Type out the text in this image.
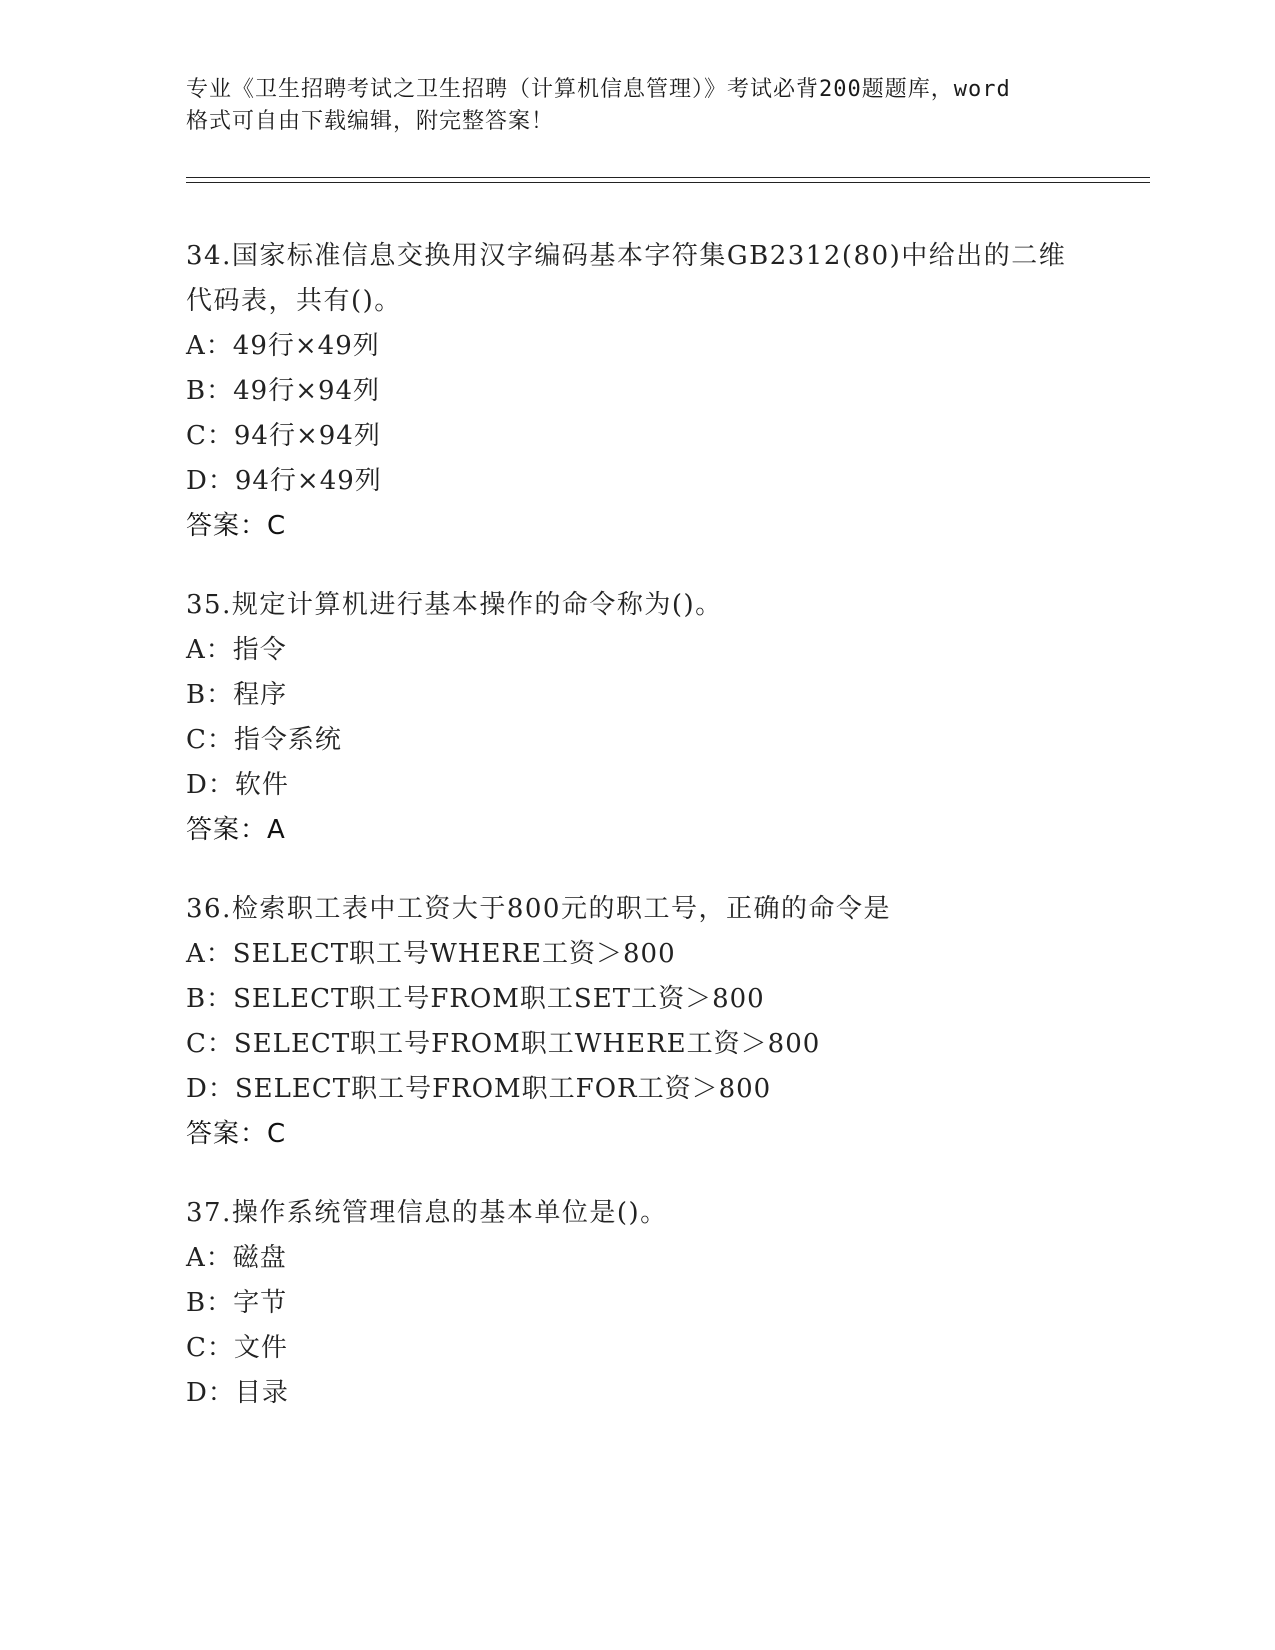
专业《卫生招聘考试之卫生招聘（计算机信息管理）》考试必背200题题库，word
格式可自由下载编辑，附完整答案！
34.国家标准信息交换用汉字编码基本字符集GB2312(80)中给出的二维
代码表，共有()。
A：49行×49列
B：49行×94列
C：94行×94列
D：94行×49列
答案：C
35.规定计算机进行基本操作的命令称为()。
A：指令
B：程序
C：指令系统
D：软件
答案：A
36.检索职工表中工资大于800元的职工号，正确的命令是
A：SELECT职工号WHERE工资＞800
B：SELECT职工号FROM职工SET工资＞800
C：SELECT职工号FROM职工WHERE工资＞800
D：SELECT职工号FROM职工FOR工资＞800
答案：C
37.操作系统管理信息的基本单位是()。
A：磁盘
B：字节
C：文件
D：目录
